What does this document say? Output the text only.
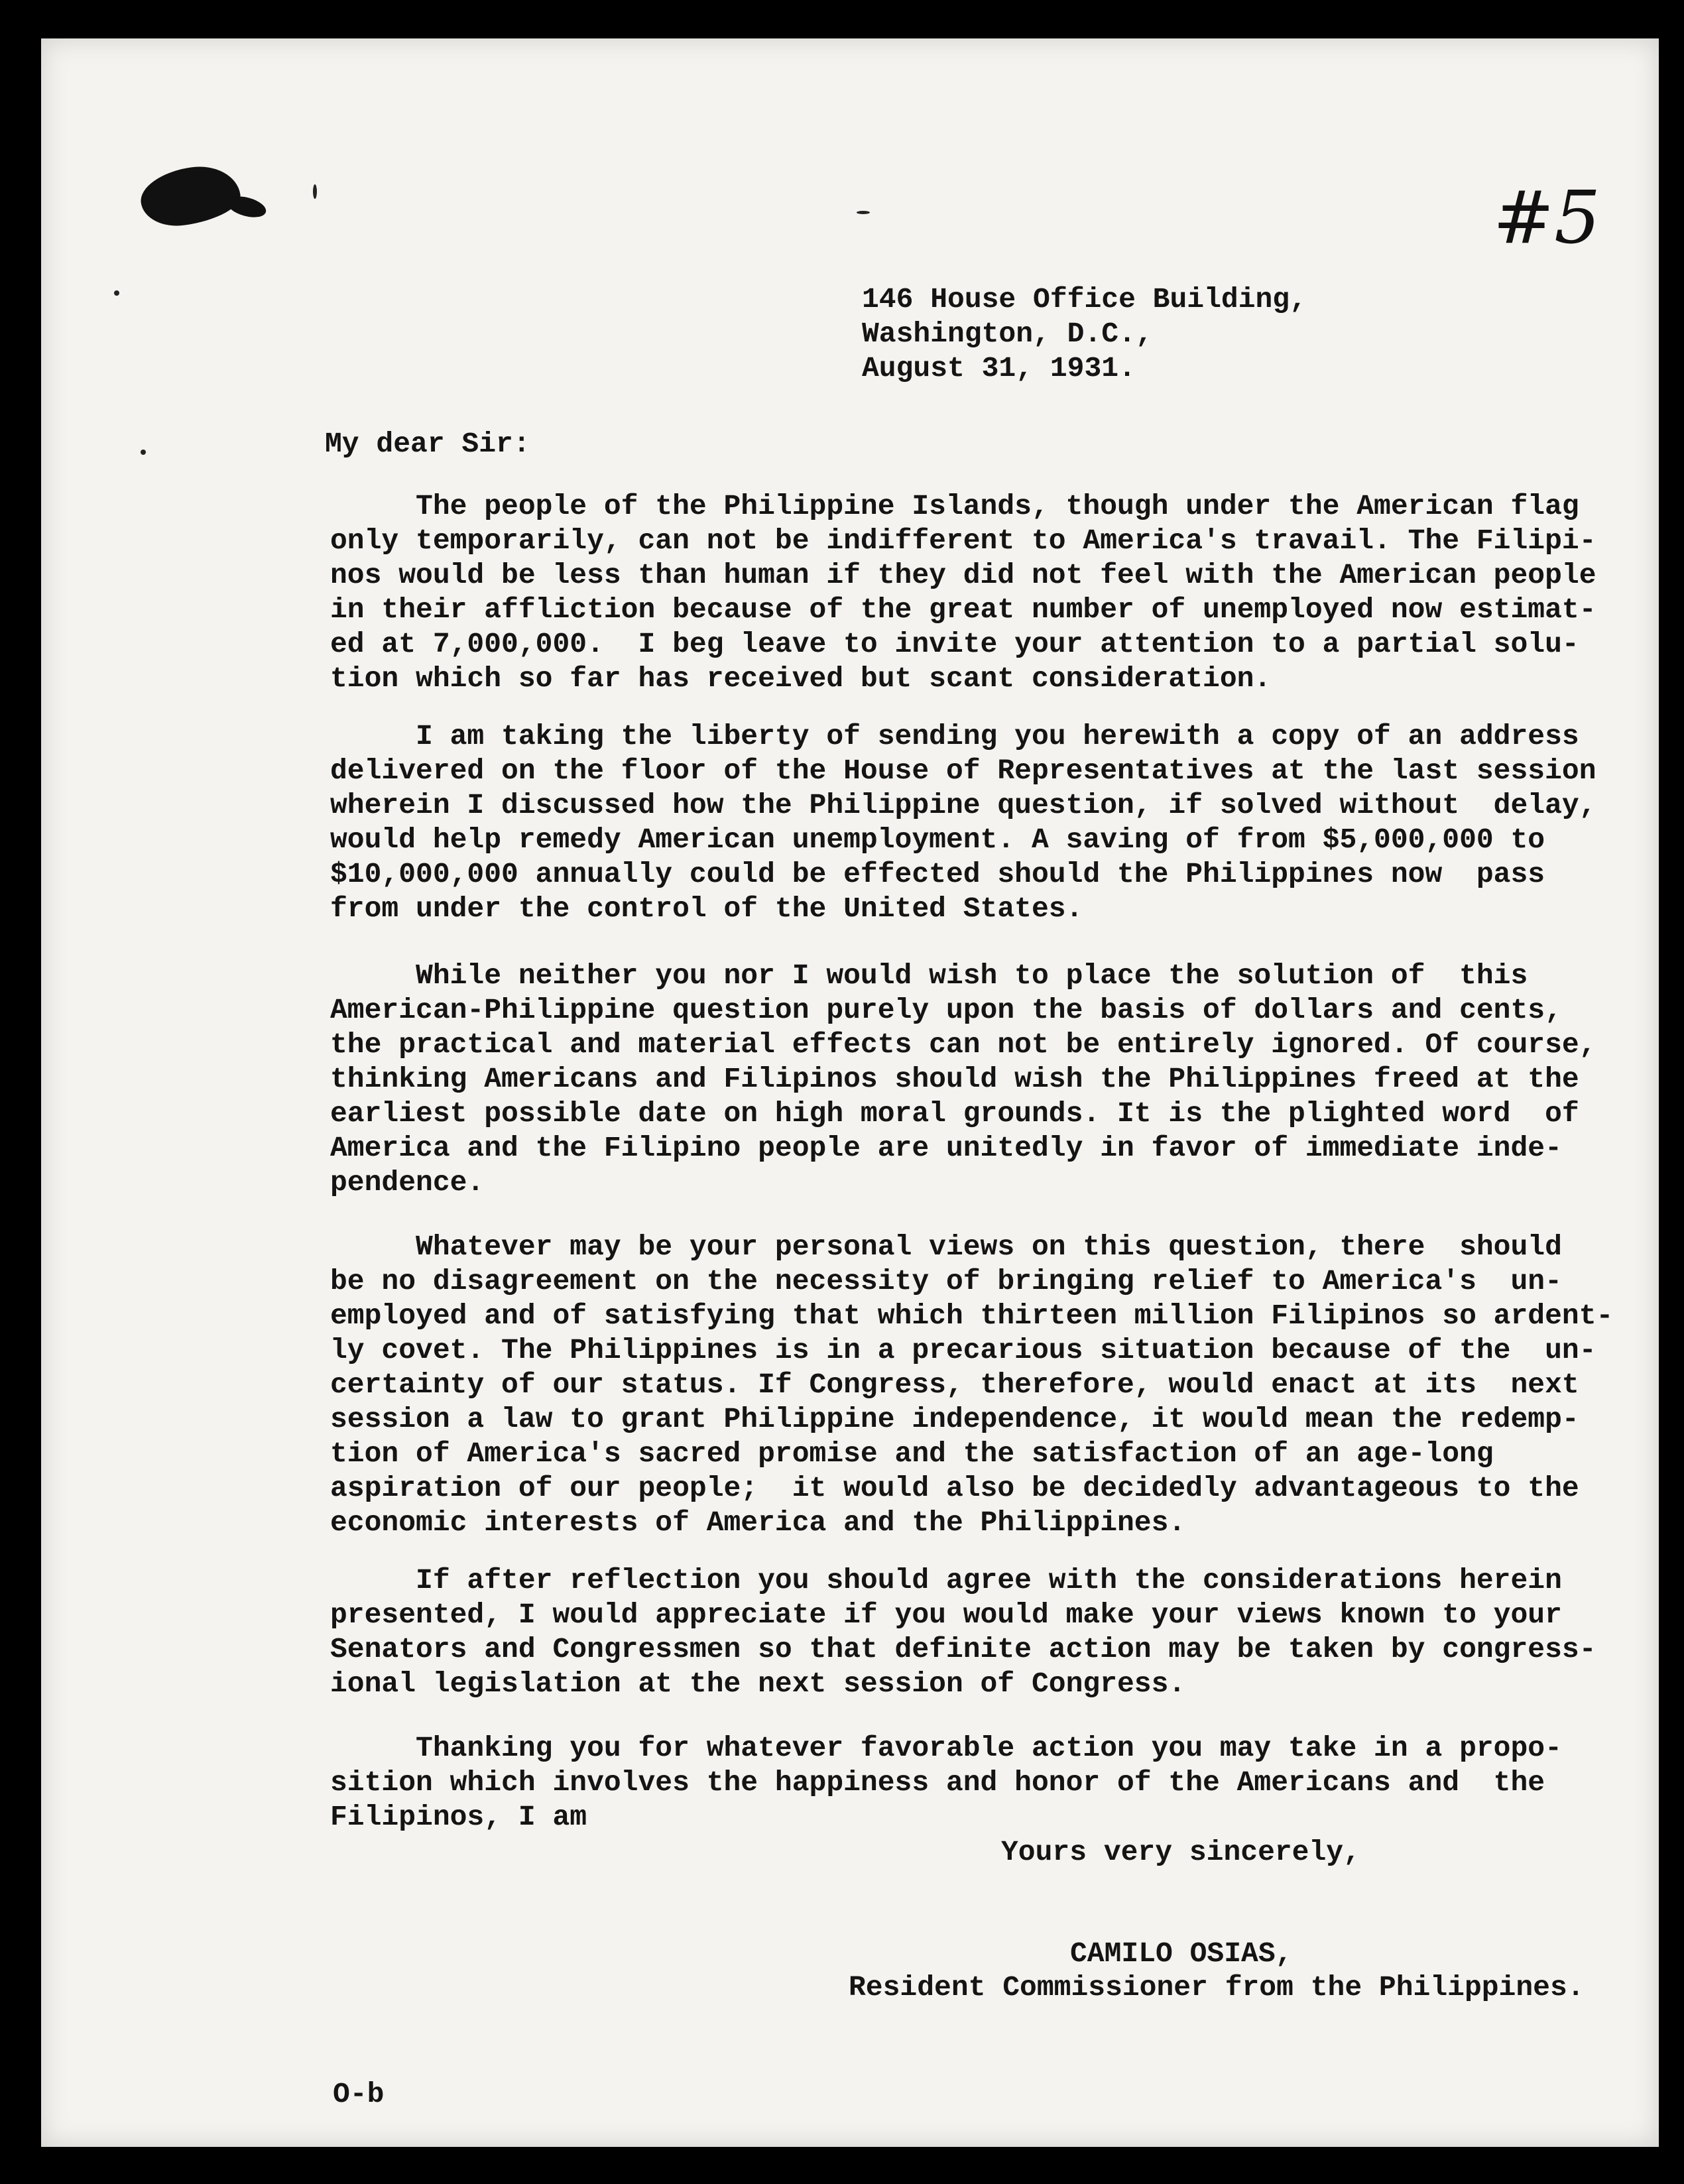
#5
146 House Office Building,
Washington, D.C.,
August 31, 1931.
My dear Sir:
The people of the Philippine Islands, though under the American flag
only temporarily, can not be indifferent to America's travail. The Filipi-
nos would be less than human if they did not feel with the American people
in their affliction because of the great number of unemployed now estimat-
ed at 7,000,000.  I beg leave to invite your attention to a partial solu-
tion which so far has received but scant consideration.
I am taking the liberty of sending you herewith a copy of an address
delivered on the floor of the House of Representatives at the last session
wherein I discussed how the Philippine question, if solved without  delay,
would help remedy American unemployment. A saving of from $5,000,000 to
$10,000,000 annually could be effected should the Philippines now  pass
from under the control of the United States.
While neither you nor I would wish to place the solution of  this
American-Philippine question purely upon the basis of dollars and cents,
the practical and material effects can not be entirely ignored. Of course,
thinking Americans and Filipinos should wish the Philippines freed at the
earliest possible date on high moral grounds. It is the plighted word  of
America and the Filipino people are unitedly in favor of immediate inde-
pendence.
Whatever may be your personal views on this question, there  should
be no disagreement on the necessity of bringing relief to America's  un-
employed and of satisfying that which thirteen million Filipinos so ardent-
ly covet. The Philippines is in a precarious situation because of the  un-
certainty of our status. If Congress, therefore, would enact at its  next
session a law to grant Philippine independence, it would mean the redemp-
tion of America's sacred promise and the satisfaction of an age-long
aspiration of our people;  it would also be decidedly advantageous to the
economic interests of America and the Philippines.
If after reflection you should agree with the considerations herein
presented, I would appreciate if you would make your views known to your
Senators and Congressmen so that definite action may be taken by congress-
ional legislation at the next session of Congress.
Thanking you for whatever favorable action you may take in a propo-
sition which involves the happiness and honor of the Americans and  the
Filipinos, I am
Yours very sincerely,
CAMILO OSIAS,
Resident Commissioner from the Philippines.
O-b
